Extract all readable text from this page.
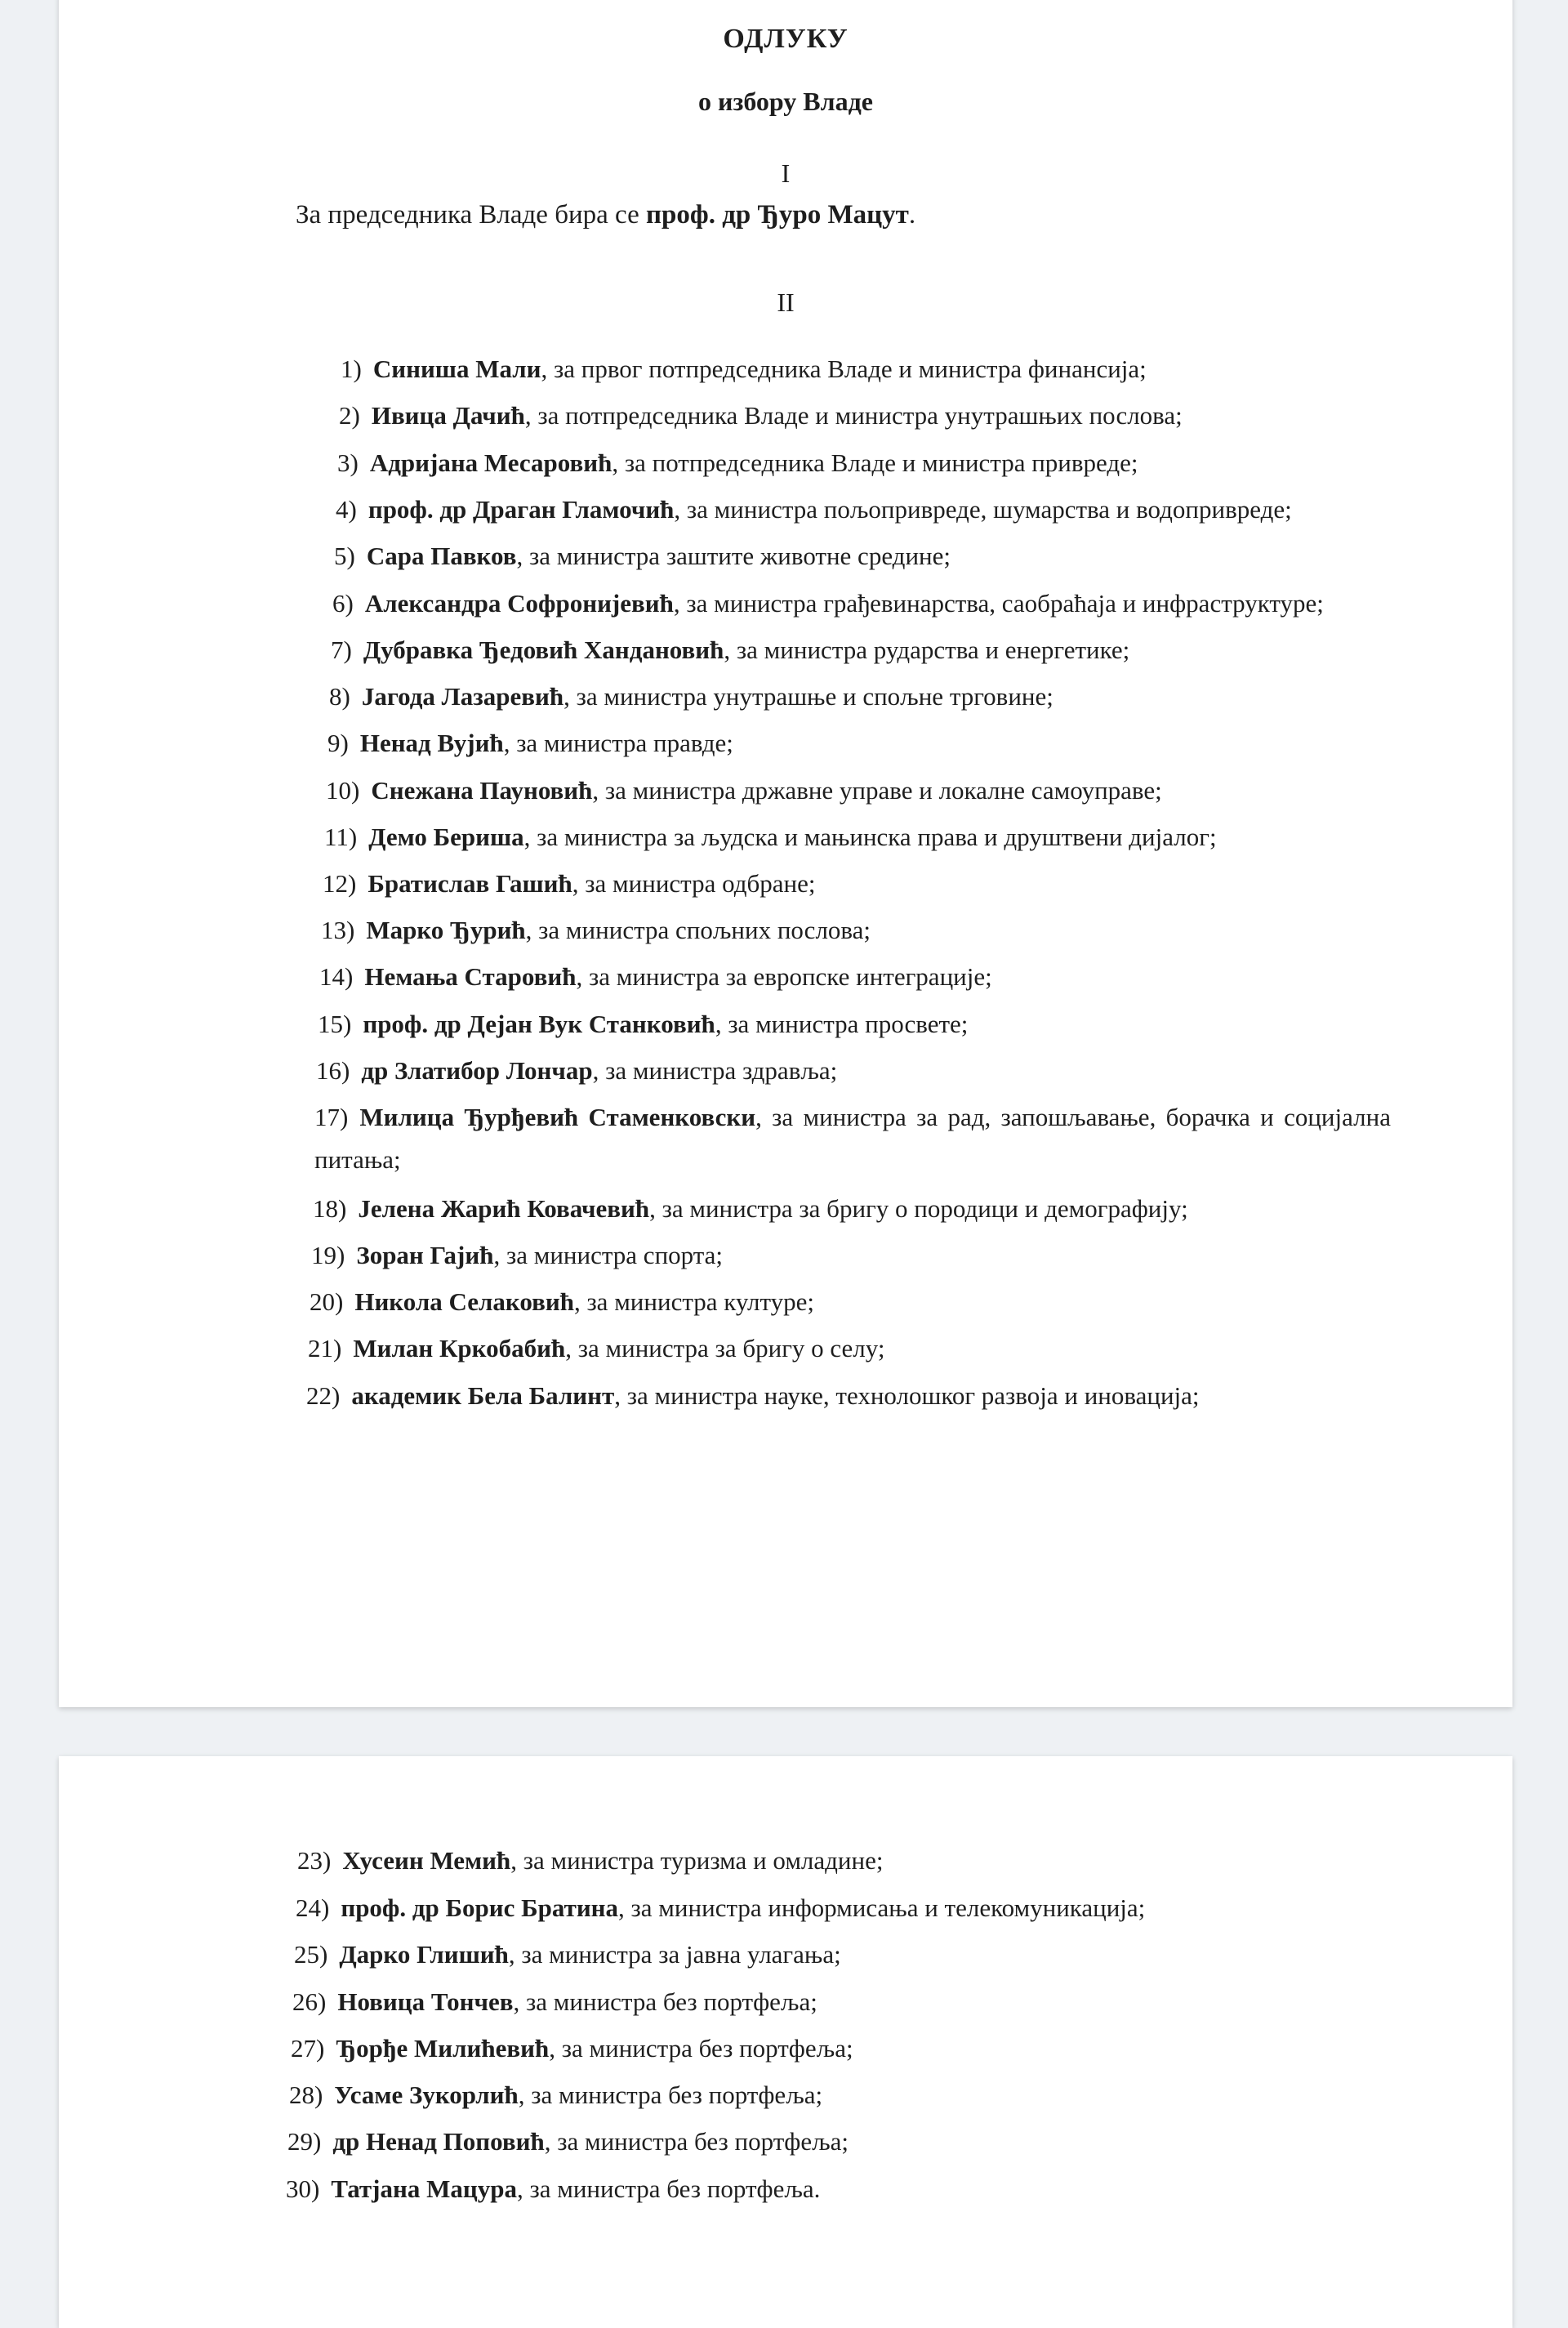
ОДЛУКУ
о избору Владе
I
За председника Владе бира се проф. др Ђуро Мацут.
II
1) Синиша Мали, за првог потпредседника Владе и министра финансија;
2) Ивица Дачић, за потпредседника Владе и министра унутрашњих послова;
3) Адријана Месаровић, за потпредседника Владе и министра привреде;
4) проф. др Драган Гламочић, за министра пољопривреде, шумарства и водопривреде;
5) Сара Павков, за министра заштите животне средине;
6) Александра Софронијевић, за министра грађевинарства, саобраћаја и инфраструктуре;
7) Дубравка Ђедовић Хандановић, за министра рударства и енергетике;
8) Јагода Лазаревић, за министра унутрашње и спољне трговине;
9) Ненад Вујић, за министра правде;
10) Снежана Пауновић, за министра државне управе и локалне самоуправе;
11) Демо Бериша, за министра за људска и мањинска права и друштвени дијалог;
12) Братислав Гашић, за министра одбране;
13) Марко Ђурић, за министра спољних послова;
14) Немања Старовић, за министра за европске интеграције;
15) проф. др Дејан Вук Станковић, за министра просвете;
16) др Златибор Лончар, за министра здравља;
17) Милица Ђурђевић Стаменковски, за министра за рад, запошљавање, борачка и социјална питања;
18) Јелена Жарић Ковачевић, за министра за бригу о породици и демографију;
19) Зоран Гајић, за министра спорта;
20) Никола Селаковић, за министра културе;
21) Милан Кркобабић, за министра за бригу о селу;
22) академик Бела Балинт, за министра науке, технолошког развоја и иновација;
23) Хусеин Мемић, за министра туризма и омладине;
24) проф. др Борис Братина, за министра информисања и телекомуникација;
25) Дарко Глишић, за министра за јавна улагања;
26) Новица Тончев, за министра без портфеља;
27) Ђорђе Милићевић, за министра без портфеља;
28) Усаме Зукорлић, за министра без портфеља;
29) др Ненад Поповић, за министра без портфеља;
30) Татјана Мацура, за министра без портфеља.
